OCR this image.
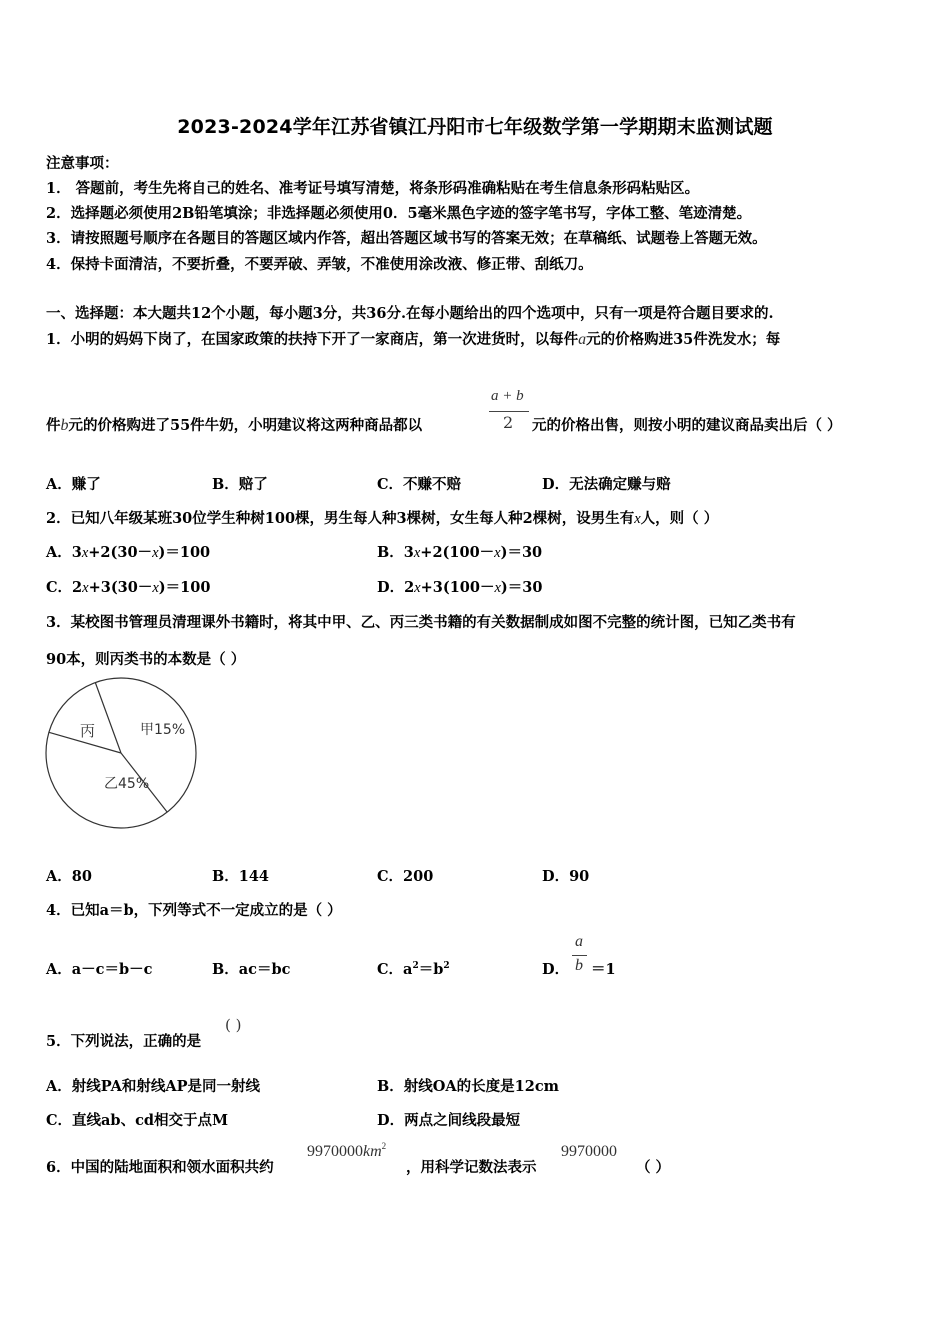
2023-2024学年江苏省镇江丹阳市七年级数学第一学期期末监测试题
注意事项：
1． 答题前，考生先将自己的姓名、准考证号填写清楚，将条形码准确粘贴在考生信息条形码粘贴区。
2．选择题必须使用2B铅笔填涂；非选择题必须使用0．5毫米黑色字迹的签字笔书写，字体工整、笔迹清楚。
3．请按照题号顺序在各题目的答题区域内作答，超出答题区域书写的答案无效；在草稿纸、试题卷上答题无效。
4．保持卡面清洁，不要折叠，不要弄破、弄皱，不准使用涂改液、修正带、刮纸刀。
一、选择题：本大题共12个小题，每小题3分，共36分.在每小题给出的四个选项中，只有一项是符合题目要求的.
1．小明的妈妈下岗了，在国家政策的扶持下开了一家商店，第一次进货时，以每件a元的价格购进35件洗发水；每
a + b
2
件b元的价格购进了55件牛奶，小明建议将这两种商品都以	元的价格出售，则按小明的建议商品卖出后（ ）
A．赚了	B．赔了	C．不赚不赔	D．无法确定赚与赔
2．已知八年级某班30位学生种树100棵，男生每人种3棵树，女生每人种2棵树，设男生有x人，则（ ）
A．3x+2(30－x)＝100	B．3x+2(100－x)＝30
C．2x+3(30－x)＝100	D．2x+3(100－x)＝30
3．某校图书管理员清理课外书籍时，将其中甲、乙、丙三类书籍的有关数据制成如图不完整的统计图，已知乙类书有
90本，则丙类书的本数是（ ）
丙	甲15%
乙45%
A．80	B．144	C．200	D．90
4．已知a＝b，下列等式不一定成立的是（ ）
A．a－c＝b－c	B．ac＝bc	C．$a^2=b^2$	D．
a
b ＝1
5．下列说法，正确的是
( )
A．射线PA和射线AP是同一射线	B．射线OA的长度是12cm
C．直线ab、cd相交于点M	D．两点之间线段最短
6．中国的陆地面积和领水面积共约
$9970000km^2$
，用科学记数法表示
9970000
（ ）
